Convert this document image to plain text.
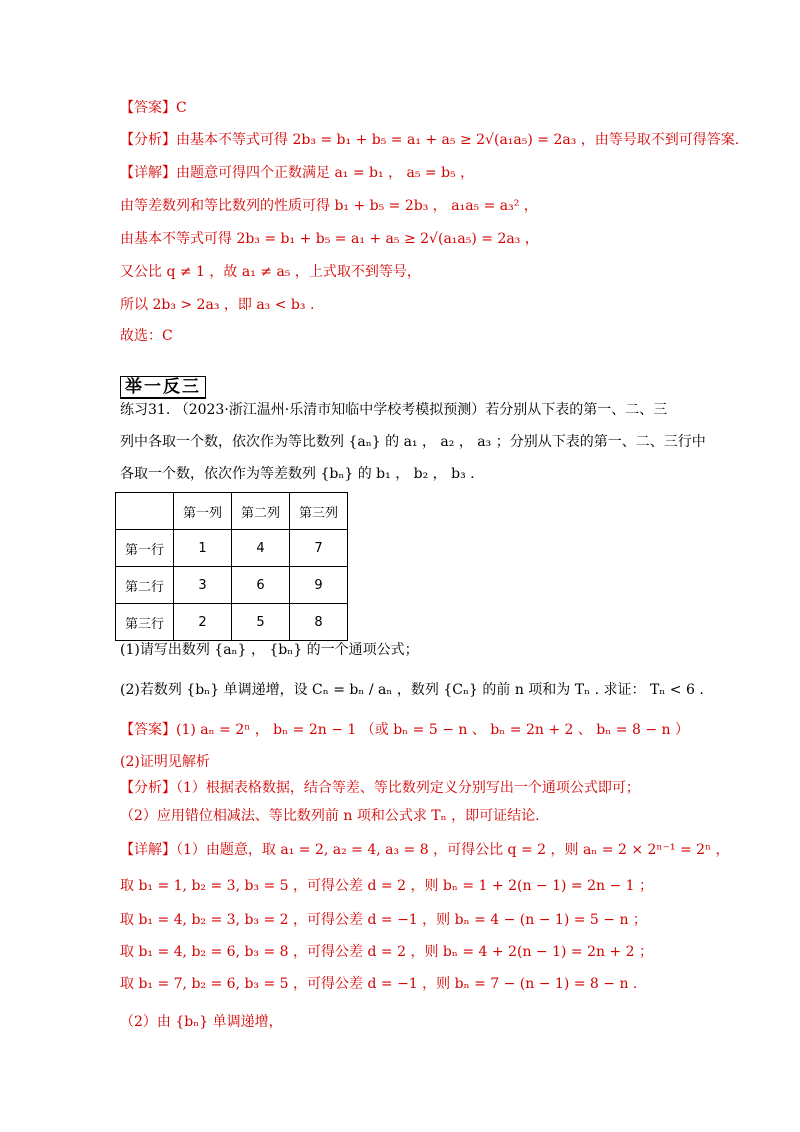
【答案】C
【分析】由基本不等式可得 2b₃ = b₁ + b₅ = a₁ + a₅ ≥ 2√(a₁a₅) = 2a₃ ，由等号取不到可得答案.
【详解】由题意可得四个正数满足 a₁ = b₁ ， a₅ = b₅ ，
由等差数列和等比数列的性质可得 b₁ + b₅ = 2b₃ ， a₁a₅ = a₃² ，
由基本不等式可得 2b₃ = b₁ + b₅ = a₁ + a₅ ≥ 2√(a₁a₅) = 2a₃ ，
又公比 q ≠ 1 ，故 a₁ ≠ a₅ ，上式取不到等号，
所以 2b₃ > 2a₃ ，即 a₃ < b₃ .
故选：C
举一反三
练习31. （2023·浙江温州·乐清市知临中学校考模拟预测）若分别从下表的第一、二、三
列中各取一个数，依次作为等比数列 {aₙ} 的 a₁ ， a₂ ， a₃ ；分别从下表的第一、二、三行中
各取一个数，依次作为等差数列 {bₙ} 的 b₁ ， b₂ ， b₃ .
	第一列	第二列	第三列
第一行	1	4	7
第二行	3	6	9
第三行	2	5	8
(1)请写出数列 {aₙ} ， {bₙ} 的一个通项公式；
(2)若数列 {bₙ} 单调递增，设 Cₙ = bₙ / aₙ ，数列 {Cₙ} 的前 n 项和为 Tₙ . 求证： Tₙ < 6 .
【答案】(1) aₙ = 2ⁿ ， bₙ = 2n − 1 （或 bₙ = 5 − n 、 bₙ = 2n + 2 、 bₙ = 8 − n ）
(2)证明见解析
【分析】（1）根据表格数据，结合等差、等比数列定义分别写出一个通项公式即可；
（2）应用错位相减法、等比数列前 n 项和公式求 Tₙ ，即可证结论.
【详解】（1）由题意，取 a₁ = 2, a₂ = 4, a₃ = 8 ，可得公比 q = 2 ，则 aₙ = 2 × 2ⁿ⁻¹ = 2ⁿ ，
取 b₁ = 1, b₂ = 3, b₃ = 5 ，可得公差 d = 2 ，则 bₙ = 1 + 2(n − 1) = 2n − 1 ；
取 b₁ = 4, b₂ = 3, b₃ = 2 ，可得公差 d = −1 ，则 bₙ = 4 − (n − 1) = 5 − n ；
取 b₁ = 4, b₂ = 6, b₃ = 8 ，可得公差 d = 2 ，则 bₙ = 4 + 2(n − 1) = 2n + 2 ；
取 b₁ = 7, b₂ = 6, b₃ = 5 ，可得公差 d = −1 ，则 bₙ = 7 − (n − 1) = 8 − n .
（2）由 {bₙ} 单调递增，
